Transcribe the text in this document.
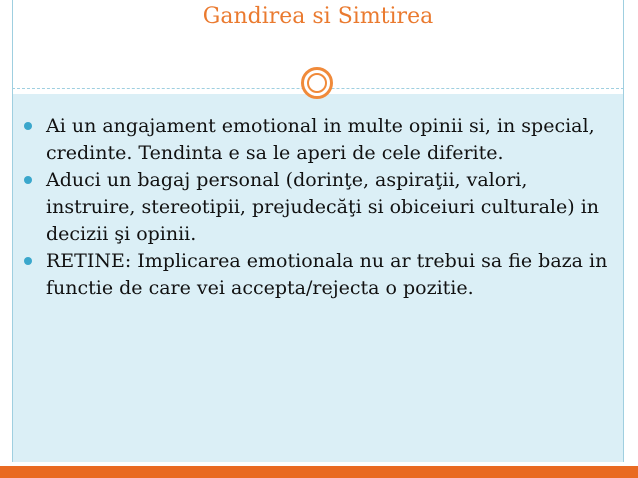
Gandirea si Simtirea
Ai un angajament emotional in multe opinii si, in special, credinte. Tendinta e sa le aperi de cele diferite.
Aduci un bagaj personal (dorinţe, aspiraţii, valori, instruire, stereotipii, prejudecăţi si obiceiuri culturale) in decizii şi opinii.
RETINE: Implicarea emotionala nu ar trebui sa fie baza in functie de care vei accepta/rejecta o pozitie.
